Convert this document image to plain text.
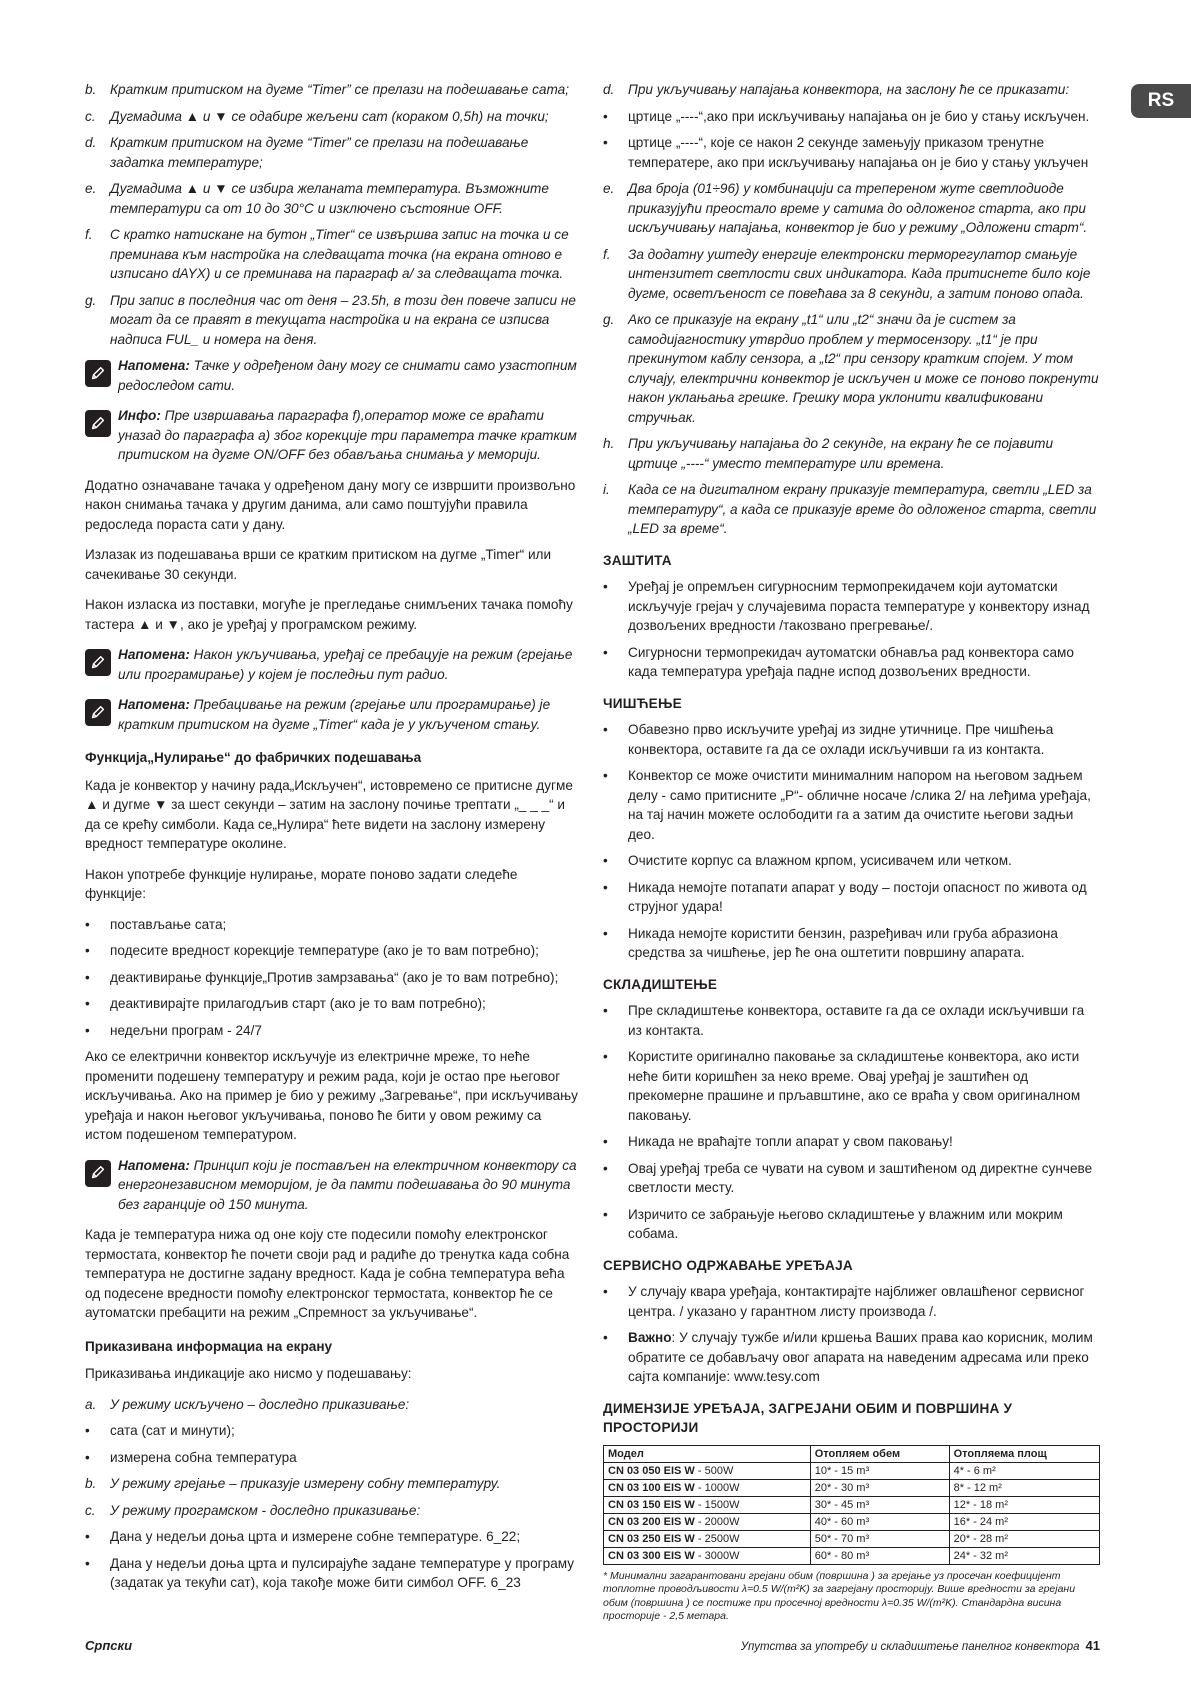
RS
b. Кратким притиском на дугме “Timer” се прелази на подешавање сата;
c. Дугмадима ▲ и ▼ се одабире жељени сат (кораком 0,5h) на точки;
d. Кратким притиском на дугме “Timer” се прелази на подешавање задатка температуре;
e. Дугмадима ▲ и ▼ се избира желаната температура. Възможните температури са от 10 до 30°С и изключено състояние OFF.
f. С кратко натискане на бутон „Timer“ се извършва запис на точка и се преминава към настройка на следващата точка (на екрана отново е изписано dAYX) и се преминава на параграф a/ за следващата точка.
g. При запис в последния час от деня – 23.5h, в този ден повече записи не могат да се правят в текущата настройка и на екрана се изписва надписа FUL_ и номера на деня.
Напомена: Тачке у одређеном дану могу се снимати само узастопним редоследом сати.
Инфо: Пре извршавања параграфа f),оператор може се враћати уназад до параграфа a) због корекције три параметра тачке кратким притиском на дугме ON/OFF без обављања снимања у меморији.

Додатно означаване тачака у одређеном дану могу се извршити произвољно након снимања тачака у другим данима, али само поштујући правила редоследа пораста сати у дану.

Излазак из подешавања врши се кратким притиском на дугме „Timer“ или сачекивање 30 секунди.

Након изласка из поставки, могуће је прегледање снимљених тачака помоћу тастера ▲ и ▼, ако је уређај у програмском режиму.

Напомена: Након укључивања, уређај се пребацује на режим (грејање или програмирање) у којем је последњи пут радио.
Напомена: Пребацивање на режим (грејање или програмирање) је кратким притиском на дугме „Timer“ када је у укљученом стању.
Функција„Нулирање“ до фабричких подешавања

Када је конвектор у начину рада„Искључен“, истовремено се притисне дугме ▲ и дугме ▼ за шест секунди – затим на заслону почиње трептати „_ _ _“ и да се крећу симболи. Када се„Нулира“ ћете видети на заслону измерену вредност температуре околине.

Након употребе функције нулирање, морате поново задати следеће функције:

• постављање сата;
• подесите вредност корекције температуре (ако је то вам потребно);
• деактивирање функције„Против замрзавања“ (ако је то вам потребно);
• деактивирајте прилагодљив старт (ако је то вам потребно);
• недељни програм - 24/7

Ако се електрични конвектор искључује из електричне мреже, то неће променити подешену температуру и режим рада, који је остао пре његовог искључивања. Ако на пример је био у режиму „Загревање“, при искључивању уређаја и након његовог укључивања, поново ће бити у овом режиму са истом подешеном температуром.

Напомена: Принцип који је постављен на електричном конвектору са енергонезависном меморијом, је да памти подешавања до 90 минута без гаранције од 150 минута.

Када је температура нижа од оне коју сте подесили помоћу електронског термостата, конвектор ће почети своји рад и радиће до тренутка када собна температура не достигне задану вредност. Када је собна температура већа од подесене вредности помоћу електронског термостата, конвектор ће се аутоматски пребацити на режим „Спремност за укључивање“.

Приказивана информациа на екрану

Приказивања индикације ако нисмо у подешавању:

a. У режиму искључено – доследно приказивање:
• сата (сат и минути);
• измерена собна температура
b. У режиму грејање – приказује измерену собну температуру.
c. У режиму програмском - доследно приказивање:
• Дана у недељи доња црта и измерене собне температуре. 6_22;
• Дана у недељи доња црта и пулсирајуће задане температуре у програму (задатак уа текући сат), која такође може бити симбол OFF. 6_23
d. При укључивању напајања конвектора, на заслону ће се приказати:
• цртице „----“,ако при искључивању напајања он је био у стању искључен.
• цртице „----“, које се након 2 секунде замењују приказом тренутне температере, ако при искључивању напајања он је био у стању укључен
e. Два броја (01÷96) у комбинацији са трепереном жуте светлодиоде приказујући преостало време у сатима до одложеног старта, ако при искључивању напајања, конвектор је био у режиму „Одложени старт“.
f. За додатну уштеду енергије електронски терморегулатор смањује интензитет светлости свих индикатора. Када притиснете било које дугме, осветљеност се повећава за 8 секунди, а затим поново опада.
g. Ако се приказује на екрану „t1“ или „t2“ значи да је систем за самодијагностику утврдио проблем у термосензору. „t1“ је при прекинутом каблу сензора, а „t2“ при сензору кратким спојем. У том случају, електрични конвектор је искључен и може се поново покренути након уклањања грешке. Грешку мора уклонити квалификовани стручњак.
h. При укључивању напајања до 2 секунде, на екрану ће се појавити цртице „----“ уместо температуре или времена.
i. Када се на дигиталном екрану приказује температура, светли „LED за температуру“, а када се приказује време до одложеног старта, светли „LED за време“.
ЗАШТИТА
• Уређај је опремљен сигурносним термопрекидачем који аутоматски искључује грејач у случајевима пораста температуре у конвектору изнад дозвољених вредности /такозвано прегревање/.
• Сигурносни термопрекидач аутоматски обнавља рад конвектора само када температура уређаја падне испод дозвољених вредности.
ЧИШЋЕЊЕ
• Обавезно прво искључите уређај из зидне утичнице. Пре чишћења конвектора, оставите га да се охлади искључивши га из контакта.
• Конвектор се може очистити минималним напором на његовом задњем делу - само притисните „P“- обличне носаче /слика 2/ на леђима уређаја, на тај начин можете ослободити га а затим да очистите његови задњи део.
• Очистите корпус са влажном крпом, усисивачем или четком.
• Никада немојте потапати апарат у воду – постоји опасност по живота од струјног удара!
• Никада немојте користити бензин, разређивач или груба абразиона средства за чишћење, јер ће она оштетити површину апарата.
СКЛАДИШТЕЊЕ
• Пре складиштење конвектора, оставите га да се охлади искључивши га из контакта.
• Користите оригинално паковање за складиштење конвектора, ако исти неће бити коришћен за неко време. Овај уређај је заштићен од прекомерне прашине и прљавштине, ако се враћа у свом оригиналном паковању.
• Никада не враћајте топли апарат у свом паковању!
• Овај уређај треба се чувати на сувом и заштићеном од директне сунчеве светлости месту.
• Изричито се забрањује његово складиштење у влажним или мокрим собама.
СЕРВИСНО ОДРЖАВАЊЕ УРЕЂАЈА
• У случају квара уређаја, контактирајте најближег овлашћеног сервисног центра. / указано у гарантном листу производа /.
• Важно: У случају тужбе и/или кршења Ваших права као корисник, молим обратите се добављачу овог апарата на наведеним адресама или преко сајта компаније: www.tesy.com
ДИМЕНЗИЈЕ УРЕЂАЈА, ЗАГРЕЈАНИ ОБИМ И ПОВРШИНА У ПРОСТОРИЈИ
Модел	Отопляем обем	Отопляема площ
CN 03 050 EIS W - 500W	10* - 15 m³	4* - 6 m²
CN 03 100 EIS W - 1000W	20* - 30 m³	8* - 12 m²
CN 03 150 EIS W - 1500W	30* - 45 m³	12* - 18 m²
CN 03 200 EIS W - 2000W	40* - 60 m³	16* - 24 m²
CN 03 250 EIS W - 2500W	50* - 70 m³	20* - 28 m²
CN 03 300 EIS W - 3000W	60* - 80 m³	24* - 32 m²
* Минимални загарантовани грејани обим (површина ) за грејање уз просечан коефицијент топлотне проводљивости λ=0.5 W/(m²K) за загрејану просторију. Више вредности за грејани обим (површина ) се постиже при просечној вредности λ=0.35 W/(m²K). Стандардна висина просторије - 2,5 метара.
Српски	Упутства за употребу и складиштење панелног конвектора 41
